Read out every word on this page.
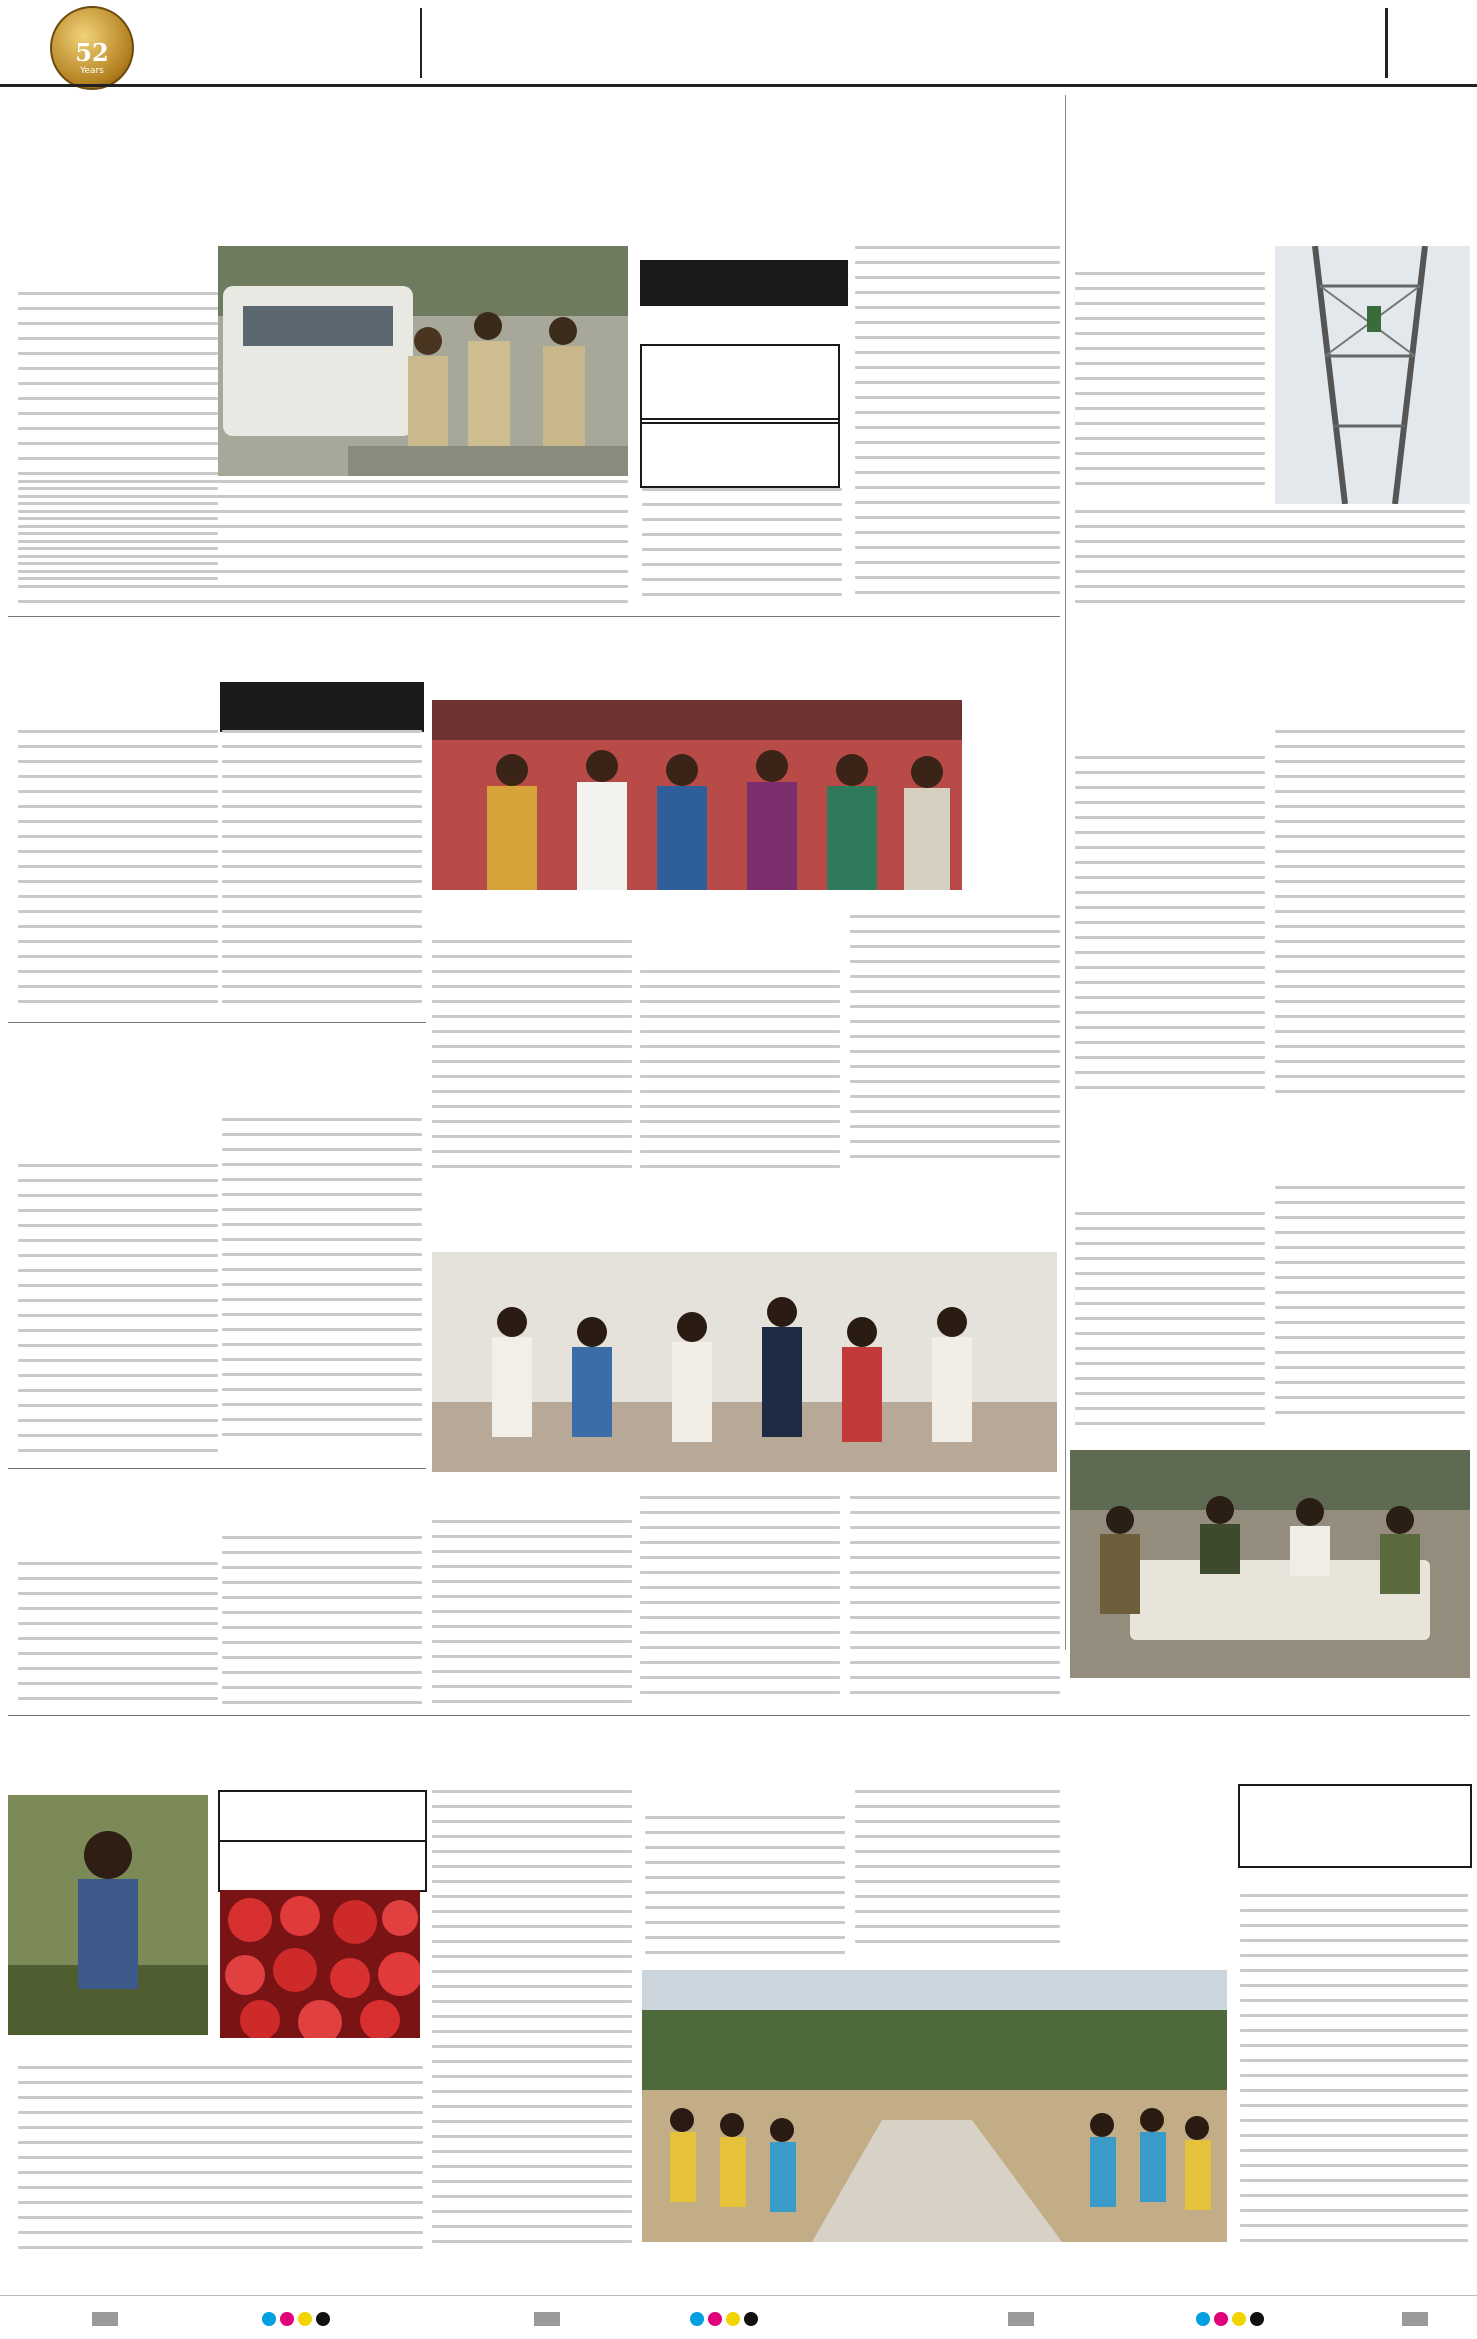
52
Years
